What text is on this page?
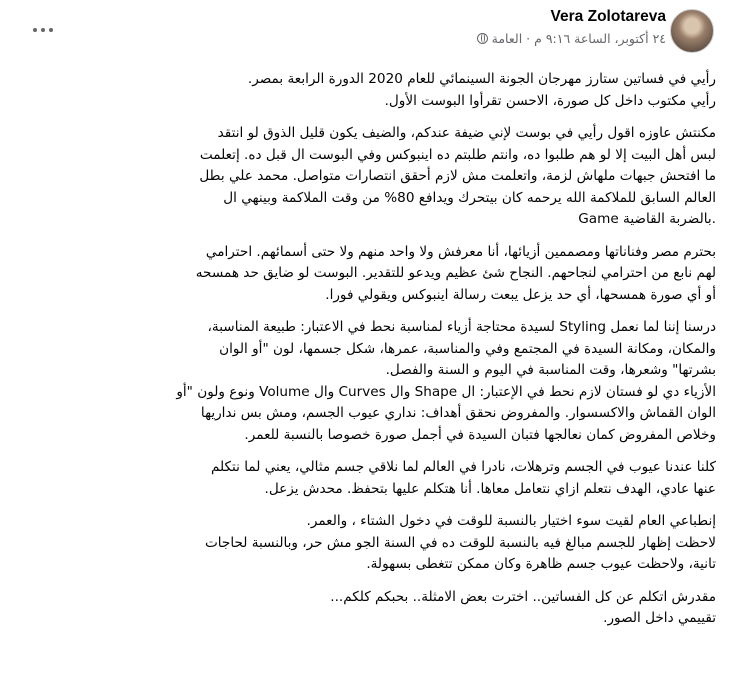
Vera Zolotareva
٢٤ أكتوبر، الساعة ٩:١٦ م · العامة

رأيي في فساتين ستارز مهرجان الجونة السينمائي للعام 2020 الدورة الرابعة بمصر.
رأيي مكتوب داخل كل صورة، الاحسن تقرأوا البوست الأول.

مكنتش عاوزه اقول رأيي في بوست لإني ضيفة عندكم، والضيف يكون قليل الذوق لو انتقد
لبس أهل البيت إلا لو هم طلبوا ده، وانتم طلبتم ده اينبوكس وفي البوست ال قبل ده. إتعلمت
ما افتحش جبهات ملهاش لزمة، واتعلمت مش لازم أحقق انتصارات متواصل. محمد علي بطل
العالم السابق للملاكمة الله يرحمه كان بيتحرك ويدافع 80% من وقت الملاكمة وبينهي ال
Game بالضربة القاضية.

بحترم مصر وفناناتها ومصممين أزيائها، أنا معرفش ولا واحد منهم ولا حتى أسمائهم. احترامي
لهم نابع من احترامي لنجاحهم. النجاح شئ عظيم ويدعو للتقدير. البوست لو ضايق حد همسحه
أو أي صورة همسحها، أي حد يزعل يبعت رسالة اينبوكس ويقولي فورا.

درسنا إننا لما نعمل Styling لسيدة محتاجة أزياء لمناسبة نحط في الاعتبار: طبيعة المناسبة،
والمكان، ومكانة السيدة في المجتمع وفي والمناسبة، عمرها، شكل جسمها، لون "أو الوان
بشرتها" وشعرها، وقت المناسبة في اليوم و السنة والفصل.
الأزياء دي لو فستان لازم نحط في الإعتبار: ال Shape وال Curves وال Volume ونوع ولون "أو
الوان القماش والاكسسوار. والمفروض نحقق أهداف: نداري عيوب الجسم، ومش بس نداريها
وخلاص المفروض كمان نعالجها فتبان السيدة في أجمل صورة خصوصا بالنسبة للعمر.

كلنا عندنا عيوب في الجسم وترهلات، نادرا في العالم لما نلاقي جسم مثالي، يعني لما نتكلم
عنها عادي، الهدف نتعلم ازاي نتعامل معاها. أنا هتكلم عليها بتحفظ. محدش يزعل.

إنطباعي العام لقيت سوء اختيار بالنسبة للوقت في دخول الشتاء ، والعمر.
لاحظت إظهار للجسم مبالغ فيه بالنسبة للوقت ده في السنة الجو مش حر، وبالنسبة لحاجات
تانية، ولاحظت عيوب جسم ظاهرة وكان ممكن تتغطى بسهولة.

مقدرش اتكلم عن كل الفساتين.. اخترت بعض الامثلة.. بحبكم كلكم...
تقييمي داخل الصور.
